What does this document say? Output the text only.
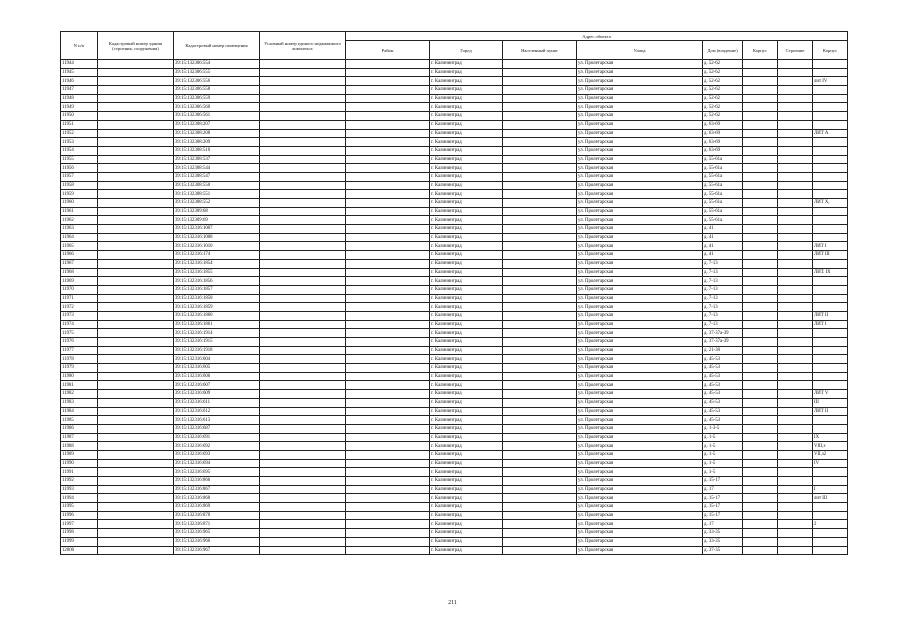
N п/п	Кадастровый номер здания (строения, сооружения)	Кадастровый номер помещения	Условный номер единого недвижимого комплекса	Адрес объекта							
				Район	Город	Населенный пункт	Улица	Дом (владение)	Корпус	Строение	Корпус
11944		39:15:132306:554			г. Калининград		ул. Пролетарская	д. 52-62			
11945		39:15:132306:555			г. Калининград		ул. Пролетарская	д. 52-62			
11946		39:15:132306:556			г. Калининград		ул. Пролетарская	д. 52-62			лит IV
11947		39:15:132306:558			г. Калининград		ул. Пролетарская	д. 52-62			
11948		39:15:132306:559			г. Калининград		ул. Пролетарская	д. 52-62			
11949		39:15:132306:560			г. Калининград		ул. Пролетарская	д. 52-62			
11950		39:15:132306:561			г. Калининград		ул. Пролетарская	д. 52-62			
11951		39:15:132308:207			г. Калининград		ул. Пролетарская	д. 63-69			
11952		39:15:132308:208			г. Калининград		ул. Пролетарская	д. 63-69			ЛИТ А
11953		39:15:132308:209			г. Калининград		ул. Пролетарская	д. 63-69			
11954		39:15:132308:510			г. Калининград		ул. Пролетарская	д. 63-69			
11955		39:15:132308:537			г. Калининград		ул. Пролетарская	д. 55-61а			
11956		39:15:132308:544			г. Калининград		ул. Пролетарская	д. 55-61а			
11957		39:15:132308:547			г. Калининград		ул. Пролетарская	д. 55-61а			
11958		39:15:132308:550			г. Калининград		ул. Пролетарская	д. 55-61а			
11959		39:15:132308:551			г. Калининград		ул. Пролетарская	д. 55-61а			
11960		39:15:132308:552			г. Калининград		ул. Пролетарская	д. 55-61а			ЛИТ X,
11961		39:15:132309:68			г. Калининград		ул. Пролетарская	д. 55-61а			
11962		39:15:132309:69			г. Калининград		ул. Пролетарская	д. 55-61а			
11963		39:15:132316:1007			г. Калининград		ул. Пролетарская	д. 41			
11964		39:15:132316:1008			г. Калининград		ул. Пролетарская	д. 41			
11965		39:15:132316:1010			г. Калининград		ул. Пролетарская	д. 41			ЛИТ I
11966		39:15:132316:174			г. Калининград		ул. Пролетарская	д. 41			ЛИТ III
11967		39:15:132316:1854			г. Калининград		ул. Пролетарская	д. 7-13			
11968		39:15:132316:1855			г. Калининград		ул. Пролетарская	д. 7-13			ЛИТ. IX
11969		39:15:132316:1856			г. Калининград		ул. Пролетарская	д. 7-13			
11970		39:15:132316:1857			г. Калининград		ул. Пролетарская	д. 7-13			
11971		39:15:132316:1858			г. Калининград		ул. Пролетарская	д. 7-13			
11972		39:15:132316:1859			г. Калининград		ул. Пролетарская	д. 7-13			
11973		39:15:132316:1860			г. Калининград		ул. Пролетарская	д. 7-13			ЛИТ II
11974		39:15:132316:1861			г. Калининград		ул. Пролетарская	д. 7-13			ЛИТ I
11975		39:15:132316:1914			г. Калининград		ул. Пролетарская	д. 37-37а-39			
11976		39:15:132316:1915			г. Калининград		ул. Пролетарская	д. 37-37а-39			
11977		39:15:132316:1918			г. Калининград		ул. Пролетарская	д. 21-30			
11978		39:15:132316:604			г. Калининград		ул. Пролетарская	д. 45-53			
11979		39:15:132316:605			г. Калининград		ул. Пролетарская	д. 45-53			
11980		39:15:132316:606			г. Калининград		ул. Пролетарская	д. 45-53			
11981		39:15:132316:607			г. Калининград		ул. Пролетарская	д. 45-53			
11982		39:15:132316:609			г. Калининград		ул. Пролетарская	д. 45-53			ЛИТ V
11983		39:15:132316:611			г. Калининград		ул. Пролетарская	д. 45-53			III
11984		39:15:132316:612			г. Калининград		ул. Пролетарская	д. 45-53			ЛИТ II
11985		39:15:132316:613			г. Калининград		ул. Пролетарская	д. 45-53			
11986		39:15:132316:687			г. Калининград		ул. Пролетарская	д. 1-3-5			
11987		39:15:132316:691			г. Калининград		ул. Пролетарская	д. 1-5			IX
11988		39:15:132316:692			г. Калининград		ул. Пролетарская	д. 1-5			VIII,з
11989		39:15:132316:693			г. Калининград		ул. Пролетарская	д. 1-5			VII,з2
11990		39:15:132316:694			г. Калининград		ул. Пролетарская	д. 1-5			IV
11991		39:15:132316:695			г. Калининград		ул. Пролетарская	д. 1-5			
11992		39:15:132316:866			г. Калининград		ул. Пролетарская	д. 15-17			
11993		39:15:132316:867			г. Калининград		ул. Пролетарская	д. 17			I
11994		39:15:132316:868			г. Калининград		ул. Пролетарская	д. 15-17			лит III
11995		39:15:132316:869			г. Калининград		ул. Пролетарская	д. 15-17			
11996		39:15:132316:870			г. Калининград		ул. Пролетарская	д. 15-17			
11997		39:15:132316:871			г. Калининград		ул. Пролетарская	д. 17			2
11998		39:15:132316:965			г. Калининград		ул. Пролетарская	д. 33-35			
11999		39:15:132316:966			г. Калининград		ул. Пролетарская	д. 33-35			
12000		39:15:132316:967			г. Калининград		ул. Пролетарская	д. 37-35			
211
